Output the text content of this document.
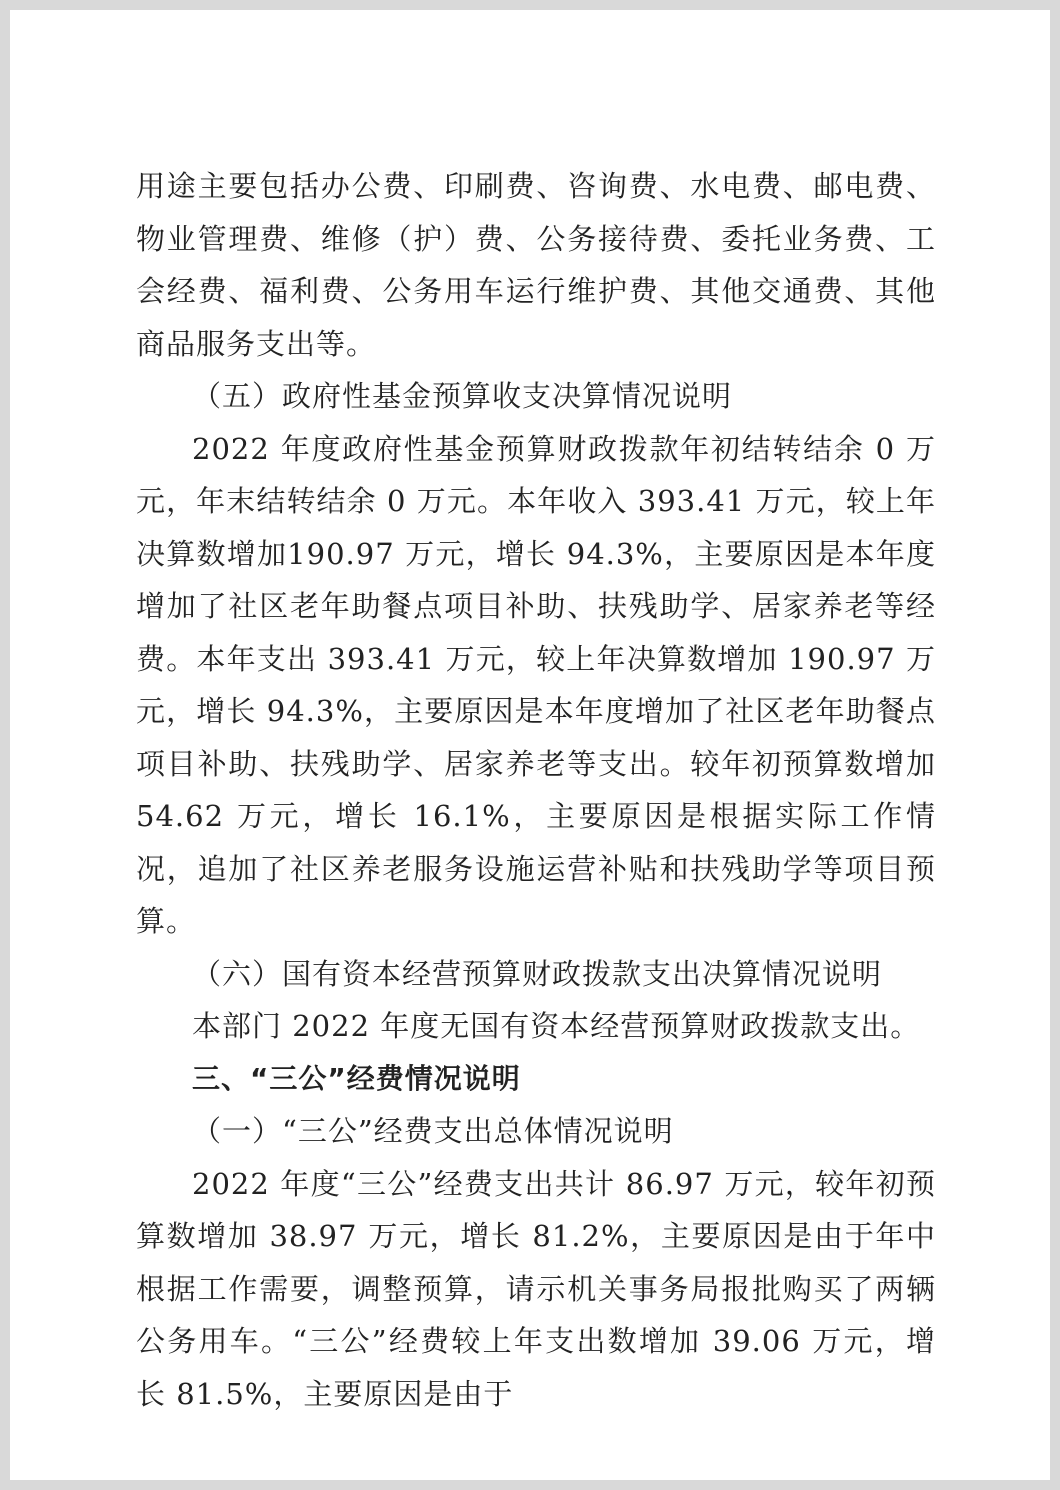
用途主要包括办公费、印刷费、咨询费、水电费、邮电费、物业管理费、维修（护）费、公务接待费、委托业务费、工会经费、福利费、公务用车运行维护费、其他交通费、其他商品服务支出等。

（五）政府性基金预算收支决算情况说明

2022 年度政府性基金预算财政拨款年初结转结余 0 万元，年末结转结余 0 万元。本年收入 393.41 万元，较上年决算数增加190.97 万元，增长 94.3%，主要原因是本年度增加了社区老年助餐点项目补助、扶残助学、居家养老等经费。本年支出 393.41 万元，较上年决算数增加 190.97 万元，增长 94.3%，主要原因是本年度增加了社区老年助餐点项目补助、扶残助学、居家养老等支出。较年初预算数增加 54.62 万元，增长 16.1%，主要原因是根据实际工作情况，追加了社区养老服务设施运营补贴和扶残助学等项目预算。

（六）国有资本经营预算财政拨款支出决算情况说明

本部门 2022 年度无国有资本经营预算财政拨款支出。

三、“三公”经费情况说明

（一）“三公”经费支出总体情况说明

2022 年度“三公”经费支出共计 86.97 万元，较年初预算数增加 38.97 万元，增长 81.2%，主要原因是由于年中根据工作需要，调整预算，请示机关事务局报批购买了两辆公务用车。“三公”经费较上年支出数增加 39.06 万元，增长 81.5%，主要原因是由于
